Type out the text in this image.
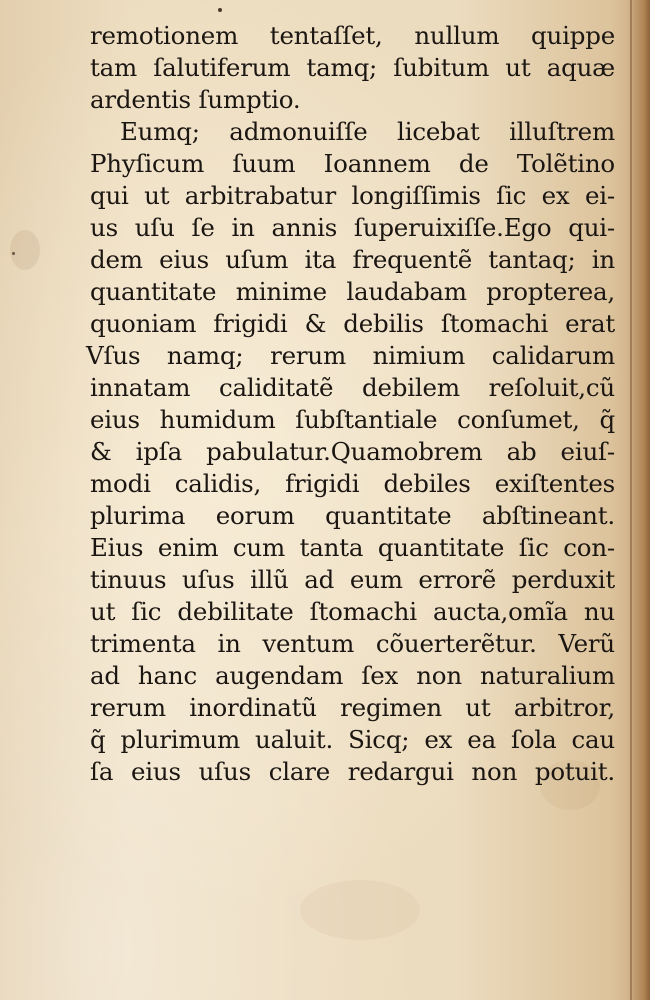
remotionem tentaſſet, nullum quippe
tam ſalutiferum tamq; ſubitum ut aquæ
ardentis ſumptio.
Eumq; admonuiſſe licebat illuſtrem
Phyſicum ſuum Ioannem de Tolẽtino
qui ut arbitrabatur longiſſimis ſic ex ei-
us uſu ſe in annis ſuperuixiſſe.Ego qui-
dem eius uſum ita frequentẽ tantaq; in
quantitate minime laudabam propterea,
quoniam frigidi & debilis ſtomachi erat
Vſus namq; rerum nimium calidarum
innatam caliditatẽ debilem reſoluit,cũ
eius humidum ſubſtantiale conſumet, q̃
& ipſa pabulatur.Quamobrem ab eiuſ-
modi calidis, frigidi debiles exiſtentes
plurima eorum quantitate abſtineant.
Eius enim cum tanta quantitate ſic con-
tinuus uſus illũ ad eum errorẽ perduxit
ut ſic debilitate ſtomachi aucta,omĩa nu
trimenta in ventum cõuerterẽtur. Verũ
ad hanc augendam ſex non naturalium
rerum inordinatũ regimen ut arbitror,
q̃ plurimum ualuit. Sicq; ex ea ſola cau
ſa eius uſus clare redargui non potuit.
